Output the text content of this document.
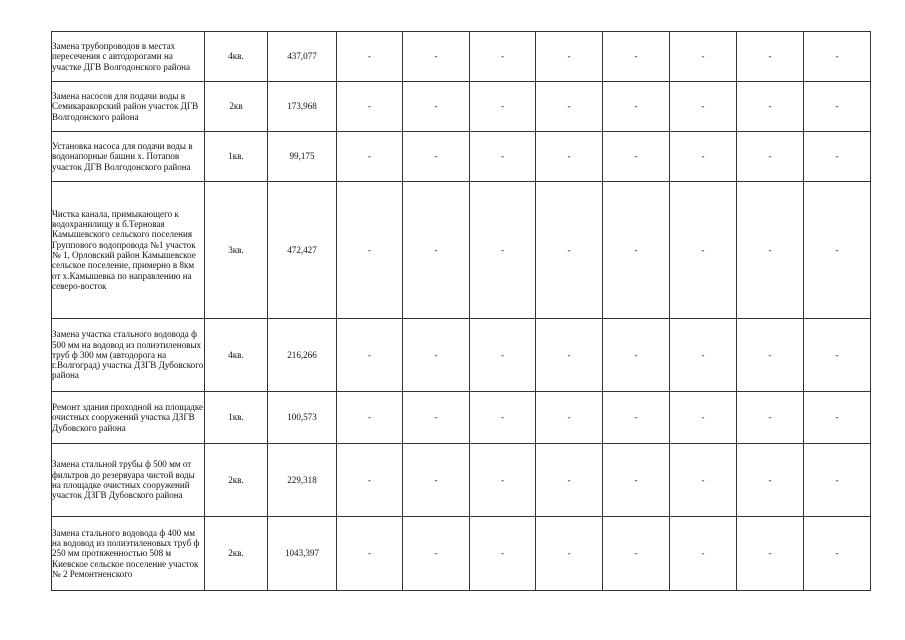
Замена трубопроводов в местах пересечения с автодорогами на участке ДГВ Волгодонского района	4кв.	437,077	-	-	-	-	-	-	-	-
Замена насосов для подачи воды в Семикаракорский район участок ДГВ Волгодонского района	2кв	173,968	-	-	-	-	-	-	-	-
Установка насоса для подачи воды в водонапорные башни х. Потапов участок ДГВ Волгодонского района	1кв.	99,175	-	-	-	-	-	-	-	-
Чистка канала, примыкающего к водохранилищу в б.Терновая Камышевского сельского поселения Группового водопровода №1 участок № 1, Орловский район Камышевское сельское поселение, примерно в 8км от х.Камышевка по направлению на северо-восток	3кв.	472,427	-	-	-	-	-	-	-	-
Замена участка стального водовода ф 500 мм на водовод из полиэтиленовых труб ф 300 мм (автодорога на г.Волгоград) участка ДЗГВ Дубовского района	4кв.	216,266	-	-	-	-	-	-	-	-
Ремонт здания проходной на площадке очистных сооружений участка ДЗГВ Дубовского района	1кв.	100,573	-	-	-	-	-	-	-	-
Замена стальной трубы ф 500 мм от фильтров до резервуара чистой воды на площадке очистных сооружений участок ДЗГВ Дубовского района	2кв.	229,318	-	-	-	-	-	-	-	-
Замена стального водовода ф 400 мм на водовод из полиэтиленовых труб ф 250 мм протяженностью 508 м Киевское сельское поселение участок № 2 Ремонтненского	2кв.	1043,397	-	-	-	-	-	-	-	-
